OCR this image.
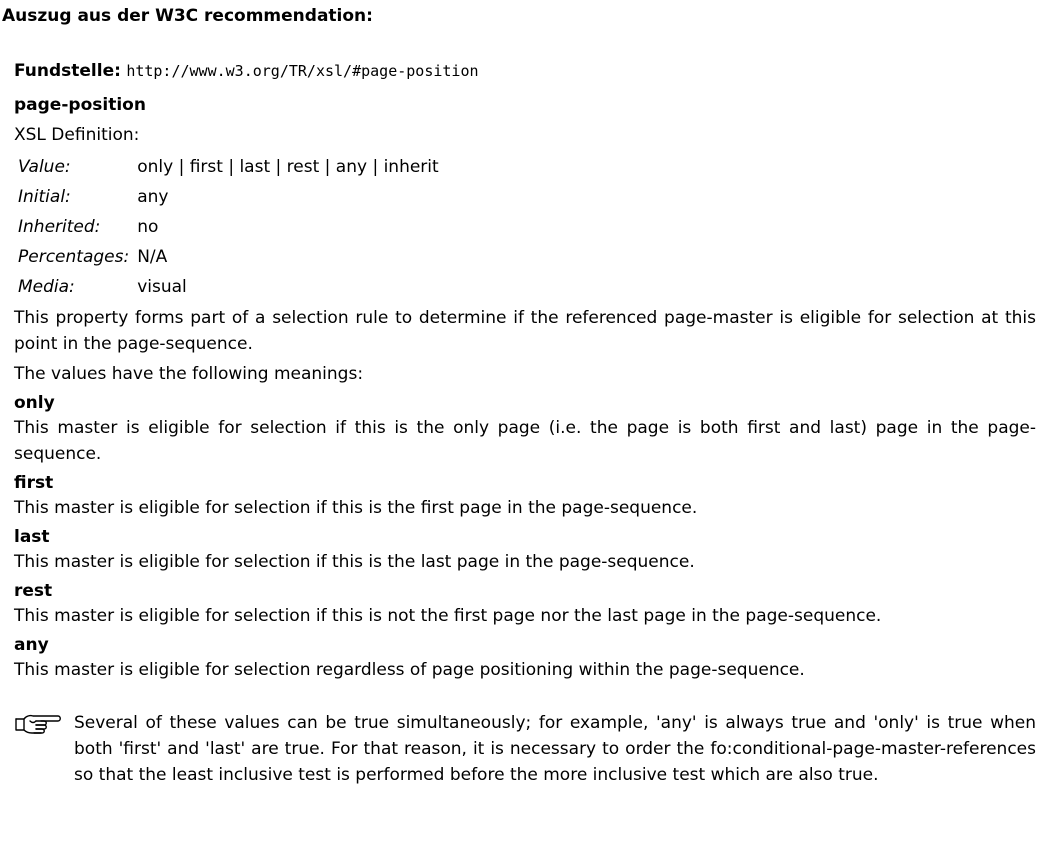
Auszug aus der W3C recommendation:
Fundstelle: http://www.w3.org/TR/xsl/#page-position
page-position
XSL Definition:
Value:	only | first | last | rest | any | inherit
Initial:	any
Inherited:	no
Percentages:	N/A
Media:	visual
This property forms part of a selection rule to determine if the referenced page-master is eligible for selection at this point in the page-sequence.
The values have the following meanings:
only
This master is eligible for selection if this is the only page (i.e. the page is both first and last) page in the page-sequence.
first
This master is eligible for selection if this is the first page in the page-sequence.
last
This master is eligible for selection if this is the last page in the page-sequence.
rest
This master is eligible for selection if this is not the first page nor the last page in the page-sequence.
any
This master is eligible for selection regardless of page positioning within the page-sequence.
Several of these values can be true simultaneously; for example, 'any' is always true and 'only' is true when both 'first' and 'last' are true. For that reason, it is necessary to order the fo:conditional-page-master-references so that the least inclusive test is performed before the more inclusive test which are also true.
